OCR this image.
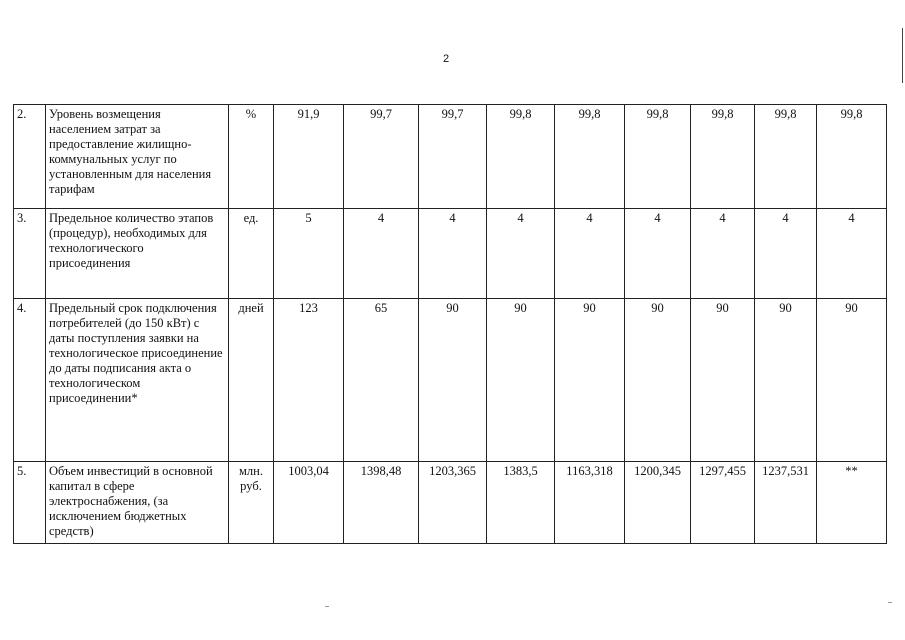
2
2.	Уровень возмещения населением затрат за предоставление жилищно-коммунальных услуг по установленным для населения тарифам	%	91,9	99,7	99,7	99,8	99,8	99,8	99,8	99,8	99,8
3.	Предельное количество этапов (процедур), необходимых для технологического присоединения	ед.	5	4	4	4	4	4	4	4	4
4.	Предельный срок подключения потребителей (до 150 кВт) с даты поступления заявки на технологическое присоединение до даты подписания акта о технологическом присоединении*	дней	123	65	90	90	90	90	90	90	90
5.	Объем инвестиций в основной капитал в сфере электроснабжения, (за исключением бюджетных средств)	млн. руб.	1003,04	1398,48	1203,365	1383,5	1163,318	1200,345	1297,455	1237,531	**
